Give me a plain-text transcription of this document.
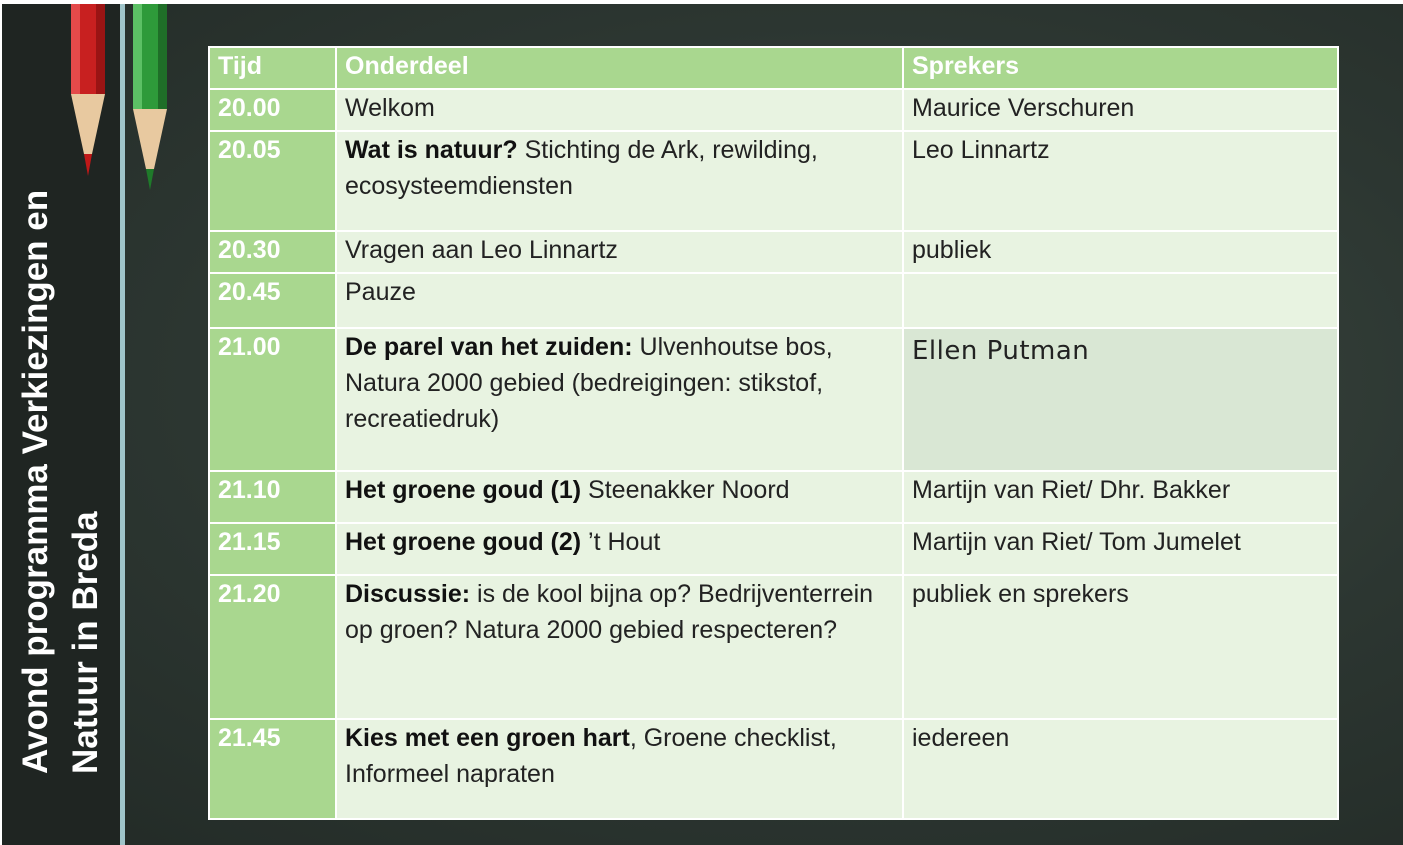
Avond programma Verkiezingen en Natuur in Breda
Tijd	Onderdeel	Sprekers
20.00	Welkom	Maurice Verschuren
20.05	Wat is natuur? Stichting de Ark, rewilding, ecosysteemdiensten	Leo Linnartz
20.30	Vragen aan Leo Linnartz	publiek
20.45	Pauze	
21.00	De parel van het zuiden: Ulvenhoutse bos, Natura 2000 gebied (bedreigingen: stikstof, recreatiedruk)	Ellen Putman
21.10	Het groene goud (1) Steenakker Noord	Martijn van Riet/ Dhr. Bakker
21.15	Het groene goud (2) ’t Hout	Martijn van Riet/ Tom Jumelet
21.20	Discussie: is de kool bijna op? Bedrijventerrein op groen? Natura 2000 gebied respecteren?	publiek en sprekers
21.45	Kies met een groen hart, Groene checklist, Informeel napraten	iedereen
